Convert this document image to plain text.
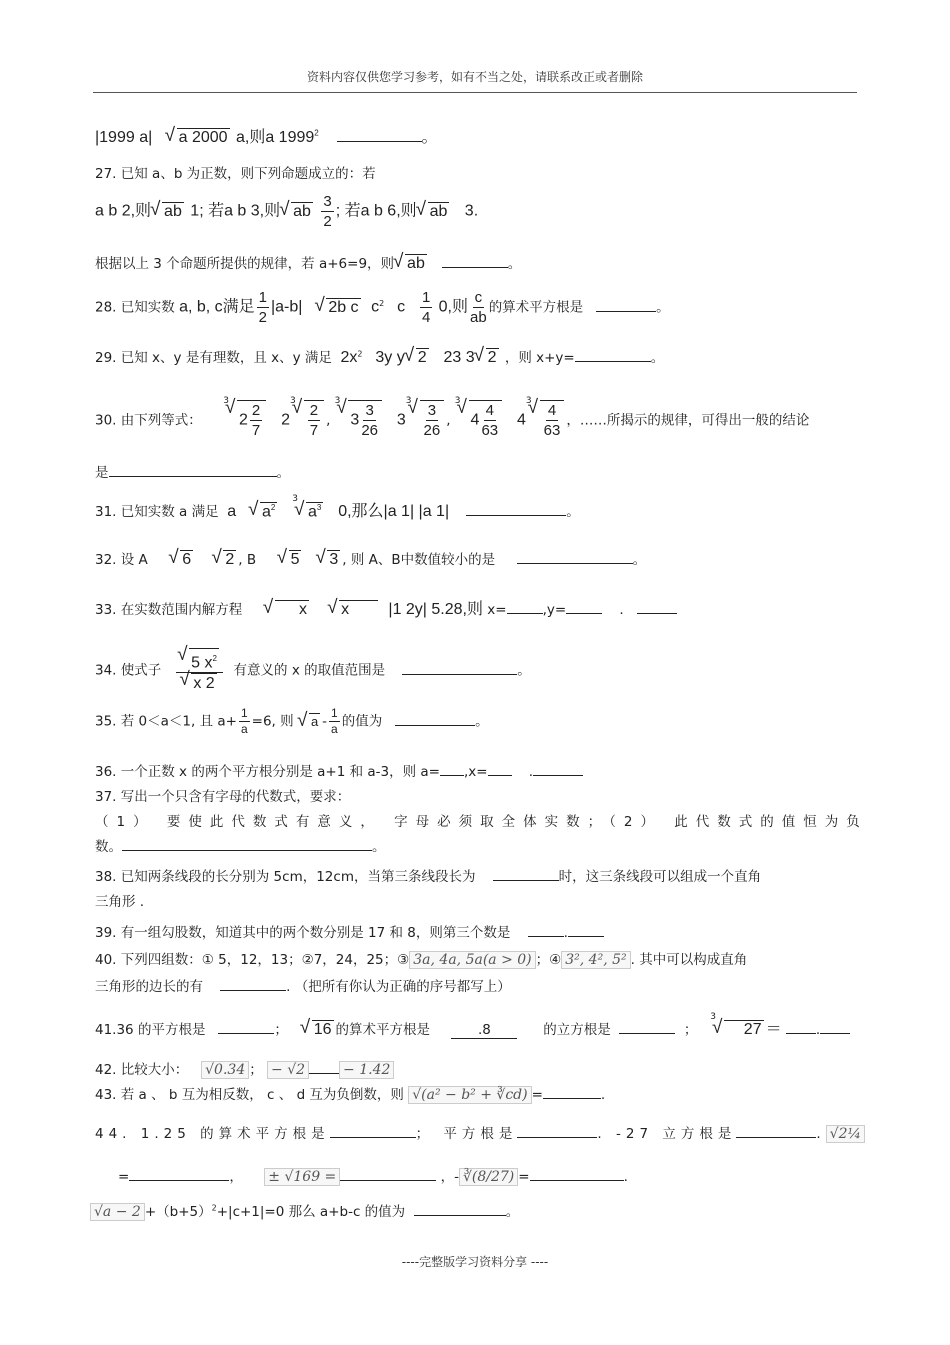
资料内容仅供您学习参考，如有不当之处，请联系改正或者删除
|1999 a| √ a 2000 a,则a 1999$^2$	。
27. 已知 a、b 为正数，则下列命题成立的：若
a b 2,则 √ ab 1; 若a b 3,则 √ ab $\frac{3}{2}$ ; 若a b 6,则 √ ab 3.
根据以上 3 个命题所提供的规律，若 a+6=9，则 √ ab	。
28. 已知实数 a, b, c满足 $\frac{1}{2} |a-b|$ √ 2b c $c^2$ c $\frac{1}{4} 0$,则 $\frac{c}{ab}$ 的算术平方根是	。
29. 已知 x、y 是有理数，且 x、y 满足 $2x^2$ 3y y √ 2 23 3 √ 2 ，则 x+y=	。
30. 由下列等式：     $^3$√ $2 \frac{2}{7} 2^3$ √ $\frac{2}{7}$ , $^3$√ $3 \frac{3}{26} 3^3$ √ $\frac{3}{26}$ , $^3$√ $4 \frac{4}{63} 4^3$ √ $\frac{4}{63}$ ，……所揭示的规律，可得出一般的结论
是	。
31. 已知实数 a 满足 a √ $a^2$   $^3$√ $a^3$ 0,那么|a 1| |a 1|	。
32. 设 A √ 6 √ 2 , B √ 5 √ 3 , 则 A、B中数值较小的是	。
33. 在实数范围内解方程	√      x √ x |1 2y| 5.28,则 x=	,y=	.
34. 使式子 √ 5 $x^2$
√ x 2 有意义的 x 的取值范围是	。
35. 若 0＜a＜1, 且 $a+ \frac{1}{a} =6$, 则 √ a - $\frac{1}{a}$ 的值为	。
36. 一个正数 x 的两个平方根分别是 a+1 和 a-3，则 a= ,x=	.
37. 写出一个只含有字母的代数式，要求：
（1） 要使此代数式有意义， 字母必须取全体实数；（2） 此代数式的值恒为负
数。	。
38. 已知两条线段的长分别为 5cm，12cm，当第三条线段长为	时，这三条线段可以组成一个直角
三角形 .
39. 有一组勾股数，知道其中的两个数分别是 17 和 8，则第三个数是	.
40. 下列四组数：① 5，12，13；②7，24，25；③ 3a, 4a, 5a(a > 0) ；④ 3², 4², 5² . 其中可以构成直角
三角形的边长的有	. （把所有你认为正确的序号都写上）
41.36 的平方根是	； √ 16 的算术平方根是	.8	的立方根是	；   $^3$√     27 ＝	.
42. 比较大小： √0.34 ； − √2	− 1.42
43. 若 a 、 b 互为相反数， c 、 d 互为负倒数，则 √(a² − b² + ∛cd) =	.
44. 1.25 的算术平方根是	； 平方根是	. -27 立方根是	. √2¼
=	， ± √169 =	，- ∛(8/27) =	.
$√a - 2 +(b+5)^2+|c+1|=0$ 那么 a+b-c 的值为	。
----完整版学习资料分享 ----
